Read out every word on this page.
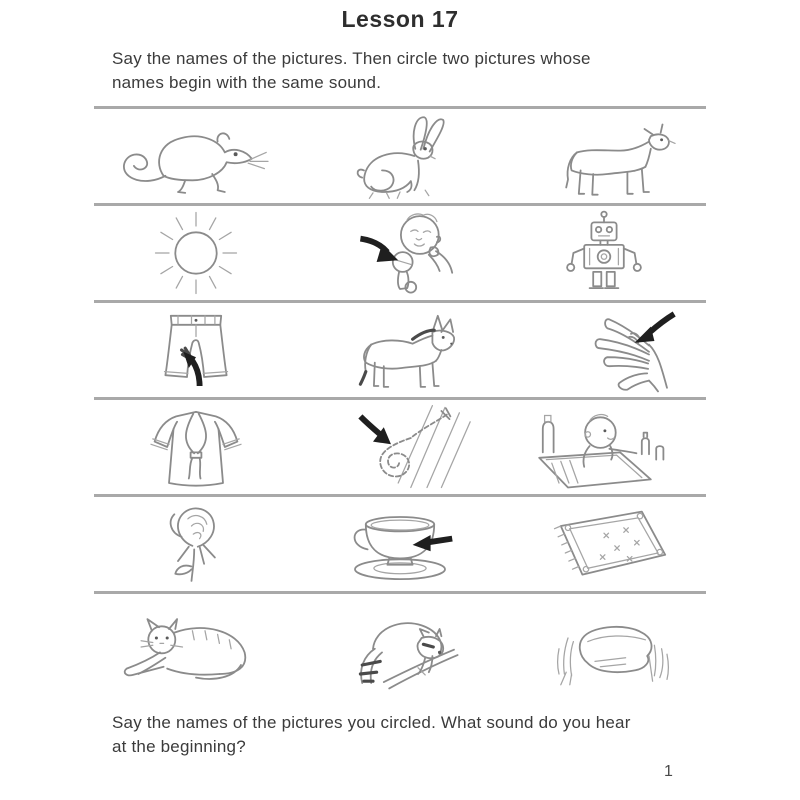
Lesson 17

Say the names of the pictures. Then circle two pictures whose names begin with the same sound.

Say the names of the pictures you circled. What sound do you hear at the beginning?

1
